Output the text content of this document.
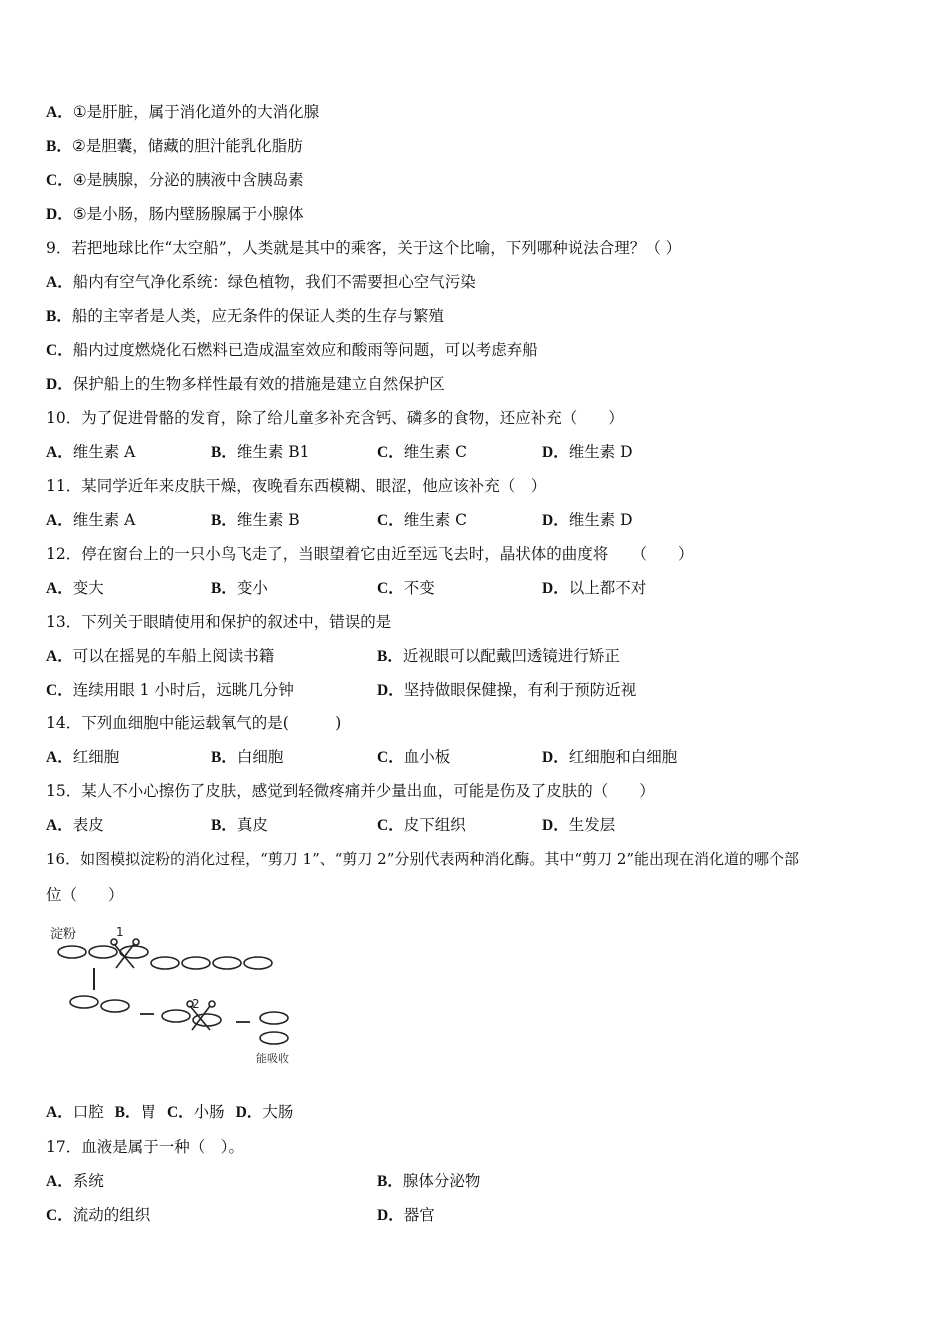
A．①是肝脏，属于消化道外的大消化腺
B．②是胆囊，储藏的胆汁能乳化脂肪
C．④是胰腺，分泌的胰液中含胰岛素
D．⑤是小肠，肠内壁肠腺属于小腺体
9．若把地球比作“太空船”，人类就是其中的乘客，关于这个比喻，下列哪种说法合理？（ ）
A．船内有空气净化系统：绿色植物，我们不需要担心空气污染
B．船的主宰者是人类，应无条件的保证人类的生存与繁殖
C．船内过度燃烧化石燃料已造成温室效应和酸雨等问题，可以考虑弃船
D．保护船上的生物多样性最有效的措施是建立自然保护区
10．为了促进骨骼的发育，除了给儿童多补充含钙、磷多的食物，还应补充（　　）
A．维生素 A	B．维生素 B1	C．维生素 C	D．维生素 D
11．某同学近年来皮肤干燥，夜晚看东西模糊、眼涩，他应该补充（　）
A．维生素 A	B．维生素 B	C．维生素 C	D．维生素 D
12．停在窗台上的一只小鸟飞走了，当眼望着它由近至远飞去时，晶状体的曲度将　　（　　）
A．变大	B．变小	C．不变	D．以上都不对
13．下列关于眼睛使用和保护的叙述中，错误的是
A．可以在摇晃的车船上阅读书籍	B．近视眼可以配戴凹透镜进行矫正
C．连续用眼 1 小时后，远眺几分钟	D．坚持做眼保健操，有利于预防近视
14．下列血细胞中能运载氧气的是(　　　)
A．红细胞	B．白细胞	C．血小板	D．红细胞和白细胞
15．某人不小心擦伤了皮肤，感觉到轻微疼痛并少量出血，可能是伤及了皮肤的（　　）
A．表皮	B．真皮	C．皮下组织	D．生发层
16．如图模拟淀粉的消化过程，“剪刀 1”、“剪刀 2”分别代表两种消化酶。其中“剪刀 2”能出现在消化道的哪个部
位（　　）
淀粉	1
2
能吸收
A．口腔 B．胃 C．小肠 D．大肠
17．血液是属于一种（　）。
A．系统	B．腺体分泌物
C．流动的组织	D．器官
